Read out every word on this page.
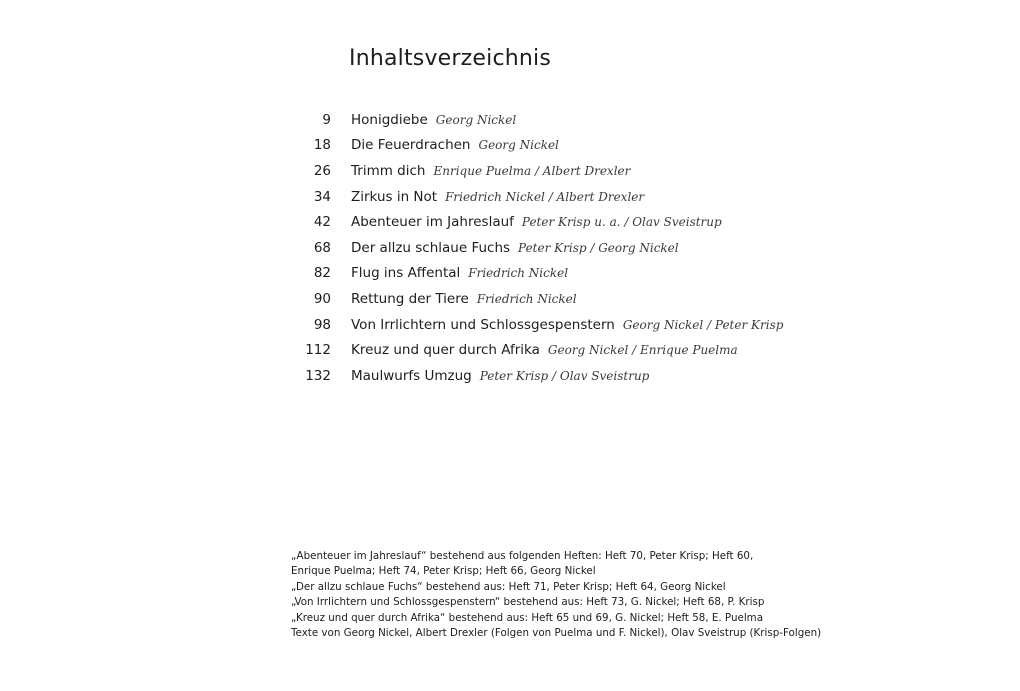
Inhaltsverzeichnis
9 Honigdiebe Georg Nickel
18 Die Feuerdrachen Georg Nickel
26 Trimm dich Enrique Puelma / Albert Drexler
34 Zirkus in Not Friedrich Nickel / Albert Drexler
42 Abenteuer im Jahreslauf Peter Krisp u. a. / Olav Sveistrup
68 Der allzu schlaue Fuchs Peter Krisp / Georg Nickel
82 Flug ins Affental Friedrich Nickel
90 Rettung der Tiere Friedrich Nickel
98 Von Irrlichtern und Schlossgespenstern Georg Nickel / Peter Krisp
112 Kreuz und quer durch Afrika Georg Nickel / Enrique Puelma
132 Maulwurfs Umzug Peter Krisp / Olav Sveistrup
„Abenteuer im Jahreslauf“ bestehend aus folgenden Heften: Heft 70, Peter Krisp; Heft 60,
Enrique Puelma; Heft 74, Peter Krisp; Heft 66, Georg Nickel
„Der allzu schlaue Fuchs“ bestehend aus: Heft 71, Peter Krisp; Heft 64, Georg Nickel
„Von Irrlichtern und Schlossgespenstern“ bestehend aus: Heft 73, G. Nickel; Heft 68, P. Krisp
„Kreuz und quer durch Afrika“ bestehend aus: Heft 65 und 69, G. Nickel; Heft 58, E. Puelma
Texte von Georg Nickel, Albert Drexler (Folgen von Puelma und F. Nickel), Olav Sveistrup (Krisp-Folgen)
